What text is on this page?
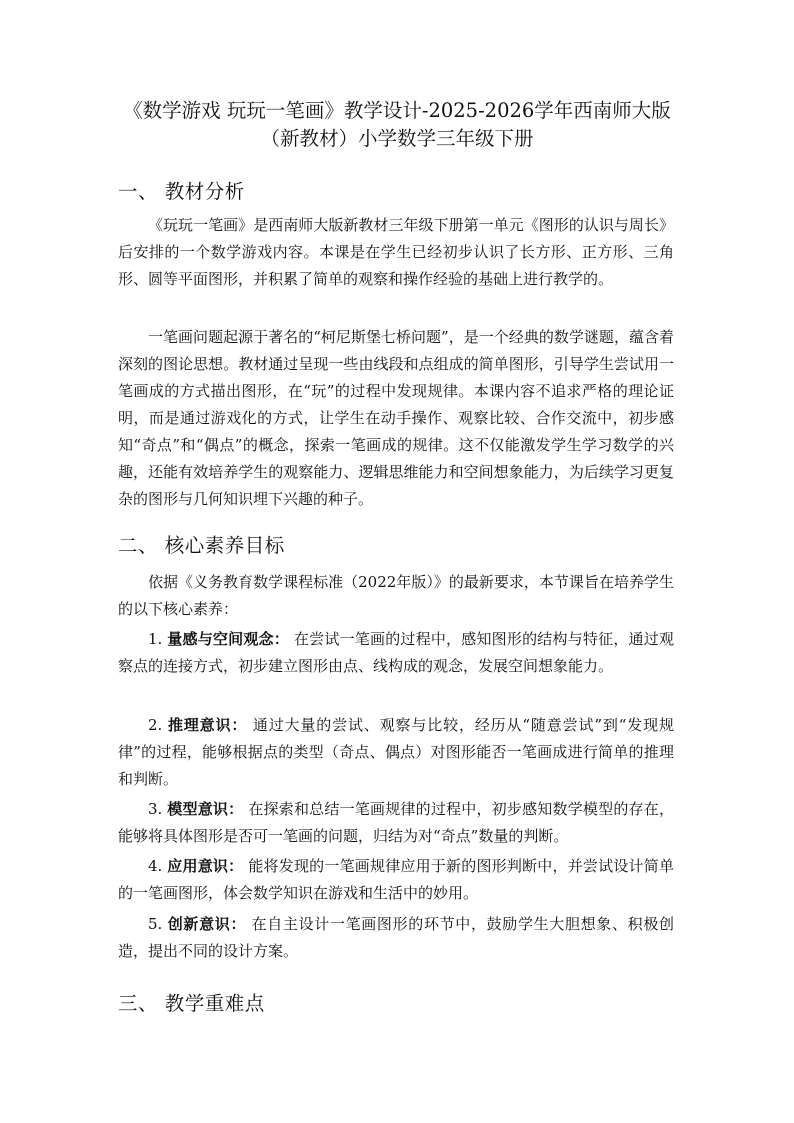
《数学游戏 玩玩一笔画》教学设计-2025-2026学年西南师大版
（新教材）小学数学三年级下册
一、 教材分析

《玩玩一笔画》是西南师大版新教材三年级下册第一单元《图形的认识与周长》后安排的一个数学游戏内容。本课是在学生已经初步认识了长方形、正方形、三角形、圆等平面图形，并积累了简单的观察和操作经验的基础上进行教学的。

一笔画问题起源于著名的“柯尼斯堡七桥问题”，是一个经典的数学谜题，蕴含着深刻的图论思想。教材通过呈现一些由线段和点组成的简单图形，引导学生尝试用一笔画成的方式描出图形，在“玩”的过程中发现规律。本课内容不追求严格的理论证明，而是通过游戏化的方式，让学生在动手操作、观察比较、合作交流中，初步感知“奇点”和“偶点”的概念，探索一笔画成的规律。这不仅能激发学生学习数学的兴趣，还能有效培养学生的观察能力、逻辑思维能力和空间想象能力，为后续学习更复杂的图形与几何知识埋下兴趣的种子。

二、 核心素养目标

依据《义务教育数学课程标准（2022年版）》的最新要求，本节课旨在培养学生的以下核心素养：

1. 量感与空间观念： 在尝试一笔画的过程中，感知图形的结构与特征，通过观察点的连接方式，初步建立图形由点、线构成的观念，发展空间想象能力。

2. 推理意识： 通过大量的尝试、观察与比较，经历从“随意尝试”到“发现规律”的过程，能够根据点的类型（奇点、偶点）对图形能否一笔画成进行简单的推理和判断。

3. 模型意识： 在探索和总结一笔画规律的过程中，初步感知数学模型的存在，能够将具体图形是否可一笔画的问题，归结为对“奇点”数量的判断。

4. 应用意识： 能将发现的一笔画规律应用于新的图形判断中，并尝试设计简单的一笔画图形，体会数学知识在游戏和生活中的妙用。

5. 创新意识： 在自主设计一笔画图形的环节中，鼓励学生大胆想象、积极创造，提出不同的设计方案。

三、 教学重难点
